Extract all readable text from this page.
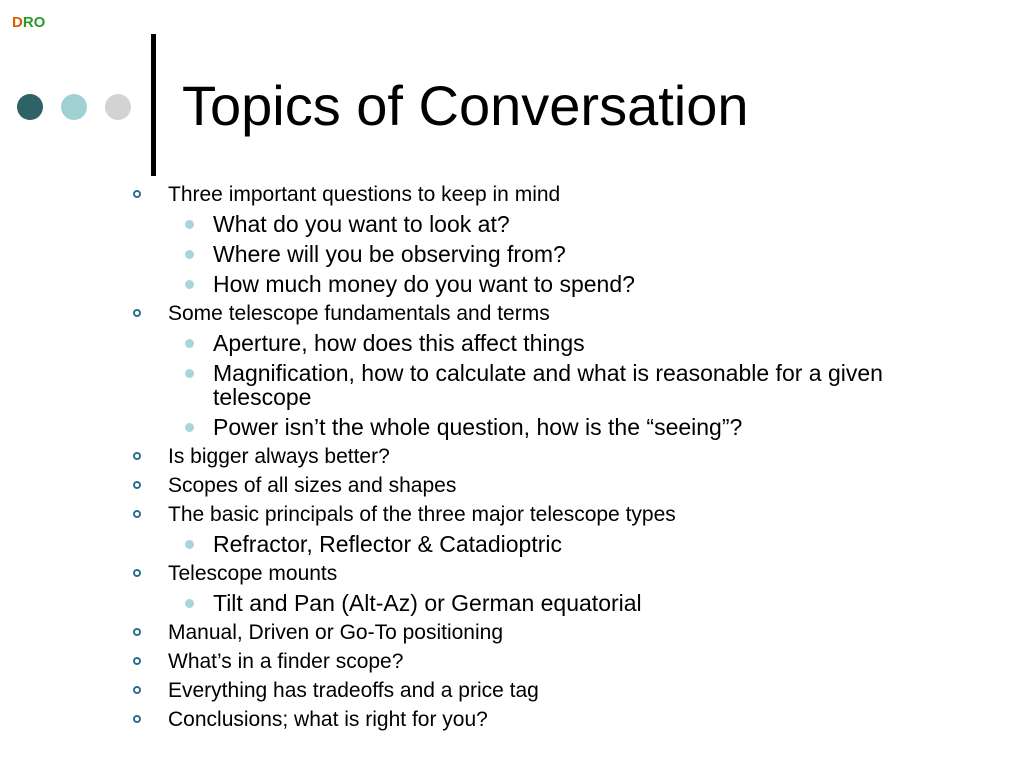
DRO
Topics of Conversation
Three important questions to keep in mind
What do you want to look at?
Where will you be observing from?
How much money do you want to spend?
Some telescope fundamentals and terms
Aperture, how does this affect things
Magnification, how to calculate and what is reasonable for a given telescope
Power isn’t the whole question, how is the “seeing”?
Is bigger always better?
Scopes of all sizes and shapes
The basic principals of the three major telescope types
Refractor, Reflector & Catadioptric
Telescope mounts
Tilt and Pan (Alt-Az) or German equatorial
Manual, Driven or Go-To positioning
What’s in a finder scope?
Everything has tradeoffs and a price tag
Conclusions; what is right for you?
